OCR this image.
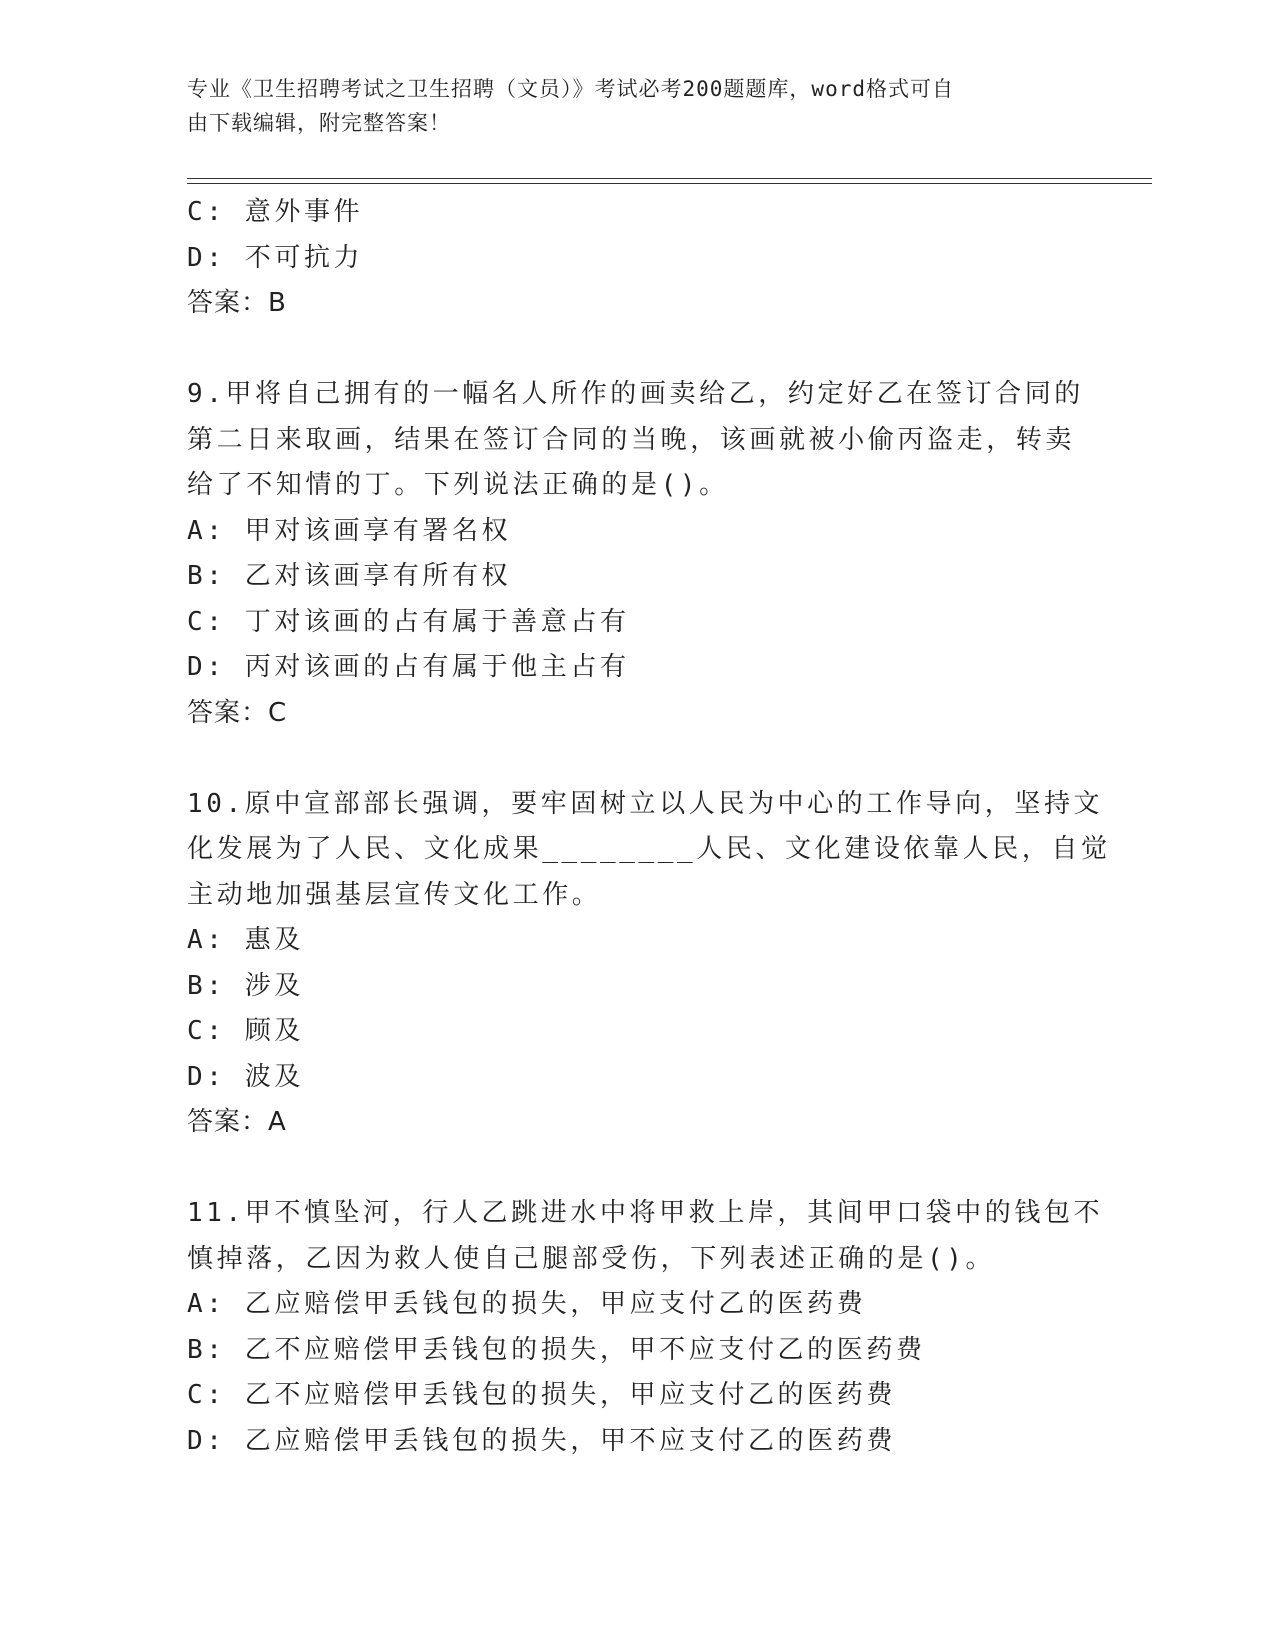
专业《卫生招聘考试之卫生招聘（文员）》考试必考200题题库，word格式可自
由下载编辑，附完整答案！
C: 意外事件
D: 不可抗力
答案：B
9.甲将自己拥有的一幅名人所作的画卖给乙，约定好乙在签订合同的
第二日来取画，结果在签订合同的当晚，该画就被小偷丙盗走，转卖
给了不知情的丁。下列说法正确的是()。
A: 甲对该画享有署名权
B: 乙对该画享有所有权
C: 丁对该画的占有属于善意占有
D: 丙对该画的占有属于他主占有
答案：C
10.原中宣部部长强调，要牢固树立以人民为中心的工作导向，坚持文
化发展为了人民、文化成果________人民、文化建设依靠人民，自觉
主动地加强基层宣传文化工作。
A: 惠及
B: 涉及
C: 顾及
D: 波及
答案：A
11.甲不慎坠河，行人乙跳进水中将甲救上岸，其间甲口袋中的钱包不
慎掉落，乙因为救人使自己腿部受伤，下列表述正确的是()。
A: 乙应赔偿甲丢钱包的损失，甲应支付乙的医药费
B: 乙不应赔偿甲丢钱包的损失，甲不应支付乙的医药费
C: 乙不应赔偿甲丢钱包的损失，甲应支付乙的医药费
D: 乙应赔偿甲丢钱包的损失，甲不应支付乙的医药费
